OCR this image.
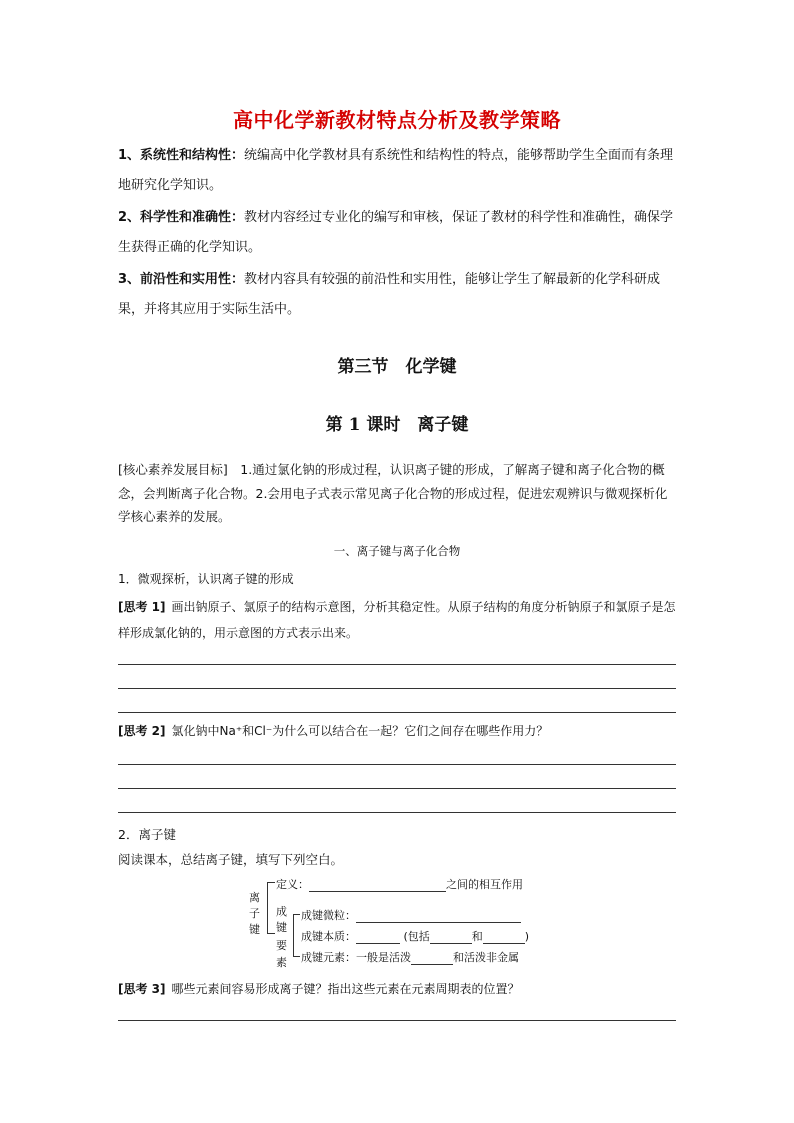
高中化学新教材特点分析及教学策略
1、系统性和结构性：统编高中化学教材具有系统性和结构性的特点，能够帮助学生全面而有条理地研究化学知识。
2、科学性和准确性：教材内容经过专业化的编写和审核，保证了教材的科学性和准确性，确保学生获得正确的化学知识。
3、前沿性和实用性：教材内容具有较强的前沿性和实用性，能够让学生了解最新的化学科研成果，并将其应用于实际生活中。
第三节　化学键
第 1 课时　离子键
[核心素养发展目标]　1.通过氯化钠的形成过程，认识离子键的形成，了解离子键和离子化合物的概念，会判断离子化合物。2.会用电子式表示常见离子化合物的形成过程，促进宏观辨识与微观探析化学核心素养的发展。
一、离子键与离子化合物
1．微观探析，认识离子键的形成
[思考 1] 画出钠原子、氯原子的结构示意图，分析其稳定性。从原子结构的角度分析钠原子和氯原子是怎样形成氯化钠的，用示意图的方式表示出来。
[思考 2] 氯化钠中Na⁺和Cl⁻为什么可以结合在一起？它们之间存在哪些作用力？
2．离子键
阅读课本，总结离子键，填写下列空白。
离
子
键
定义：	之间的相互作用
成
键
要
素
成键微粒：
成键本质：	(包括	和	)
成键元素：一般是活泼	和活泼非金属
[思考 3] 哪些元素间容易形成离子键？指出这些元素在元素周期表的位置？
